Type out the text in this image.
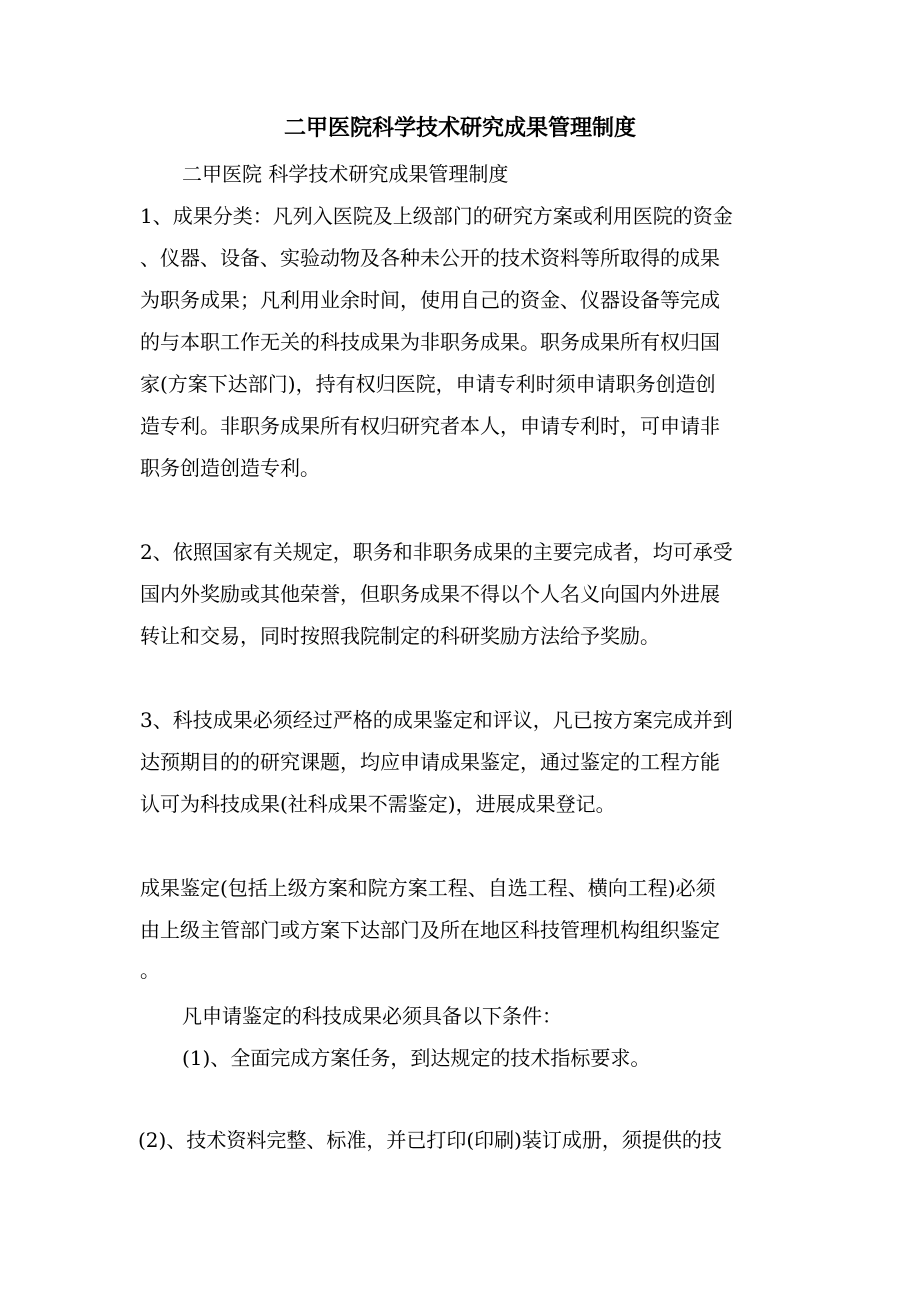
二甲医院科学技术研究成果管理制度
二甲医院 科学技术研究成果管理制度
1、成果分类：凡列入医院及上级部门的研究方案或利用医院的资金
、仪器、设备、实验动物及各种未公开的技术资料等所取得的成果
为职务成果；凡利用业余时间，使用自己的资金、仪器设备等完成
的与本职工作无关的科技成果为非职务成果。职务成果所有权归国
家(方案下达部门)，持有权归医院，申请专利时须申请职务创造创
造专利。非职务成果所有权归研究者本人，申请专利时，可申请非
职务创造创造专利。
2、依照国家有关规定，职务和非职务成果的主要完成者，均可承受
国内外奖励或其他荣誉，但职务成果不得以个人名义向国内外进展
转让和交易，同时按照我院制定的科研奖励方法给予奖励。
3、科技成果必须经过严格的成果鉴定和评议，凡已按方案完成并到
达预期目的的研究课题，均应申请成果鉴定，通过鉴定的工程方能
认可为科技成果(社科成果不需鉴定)，进展成果登记。
成果鉴定(包括上级方案和院方案工程、自选工程、横向工程)必须
由上级主管部门或方案下达部门及所在地区科技管理机构组织鉴定
。
凡申请鉴定的科技成果必须具备以下条件：
(1)、全面完成方案任务，到达规定的技术指标要求。
(2)、技术资料完整、标准，并已打印(印刷)装订成册，须提供的技
